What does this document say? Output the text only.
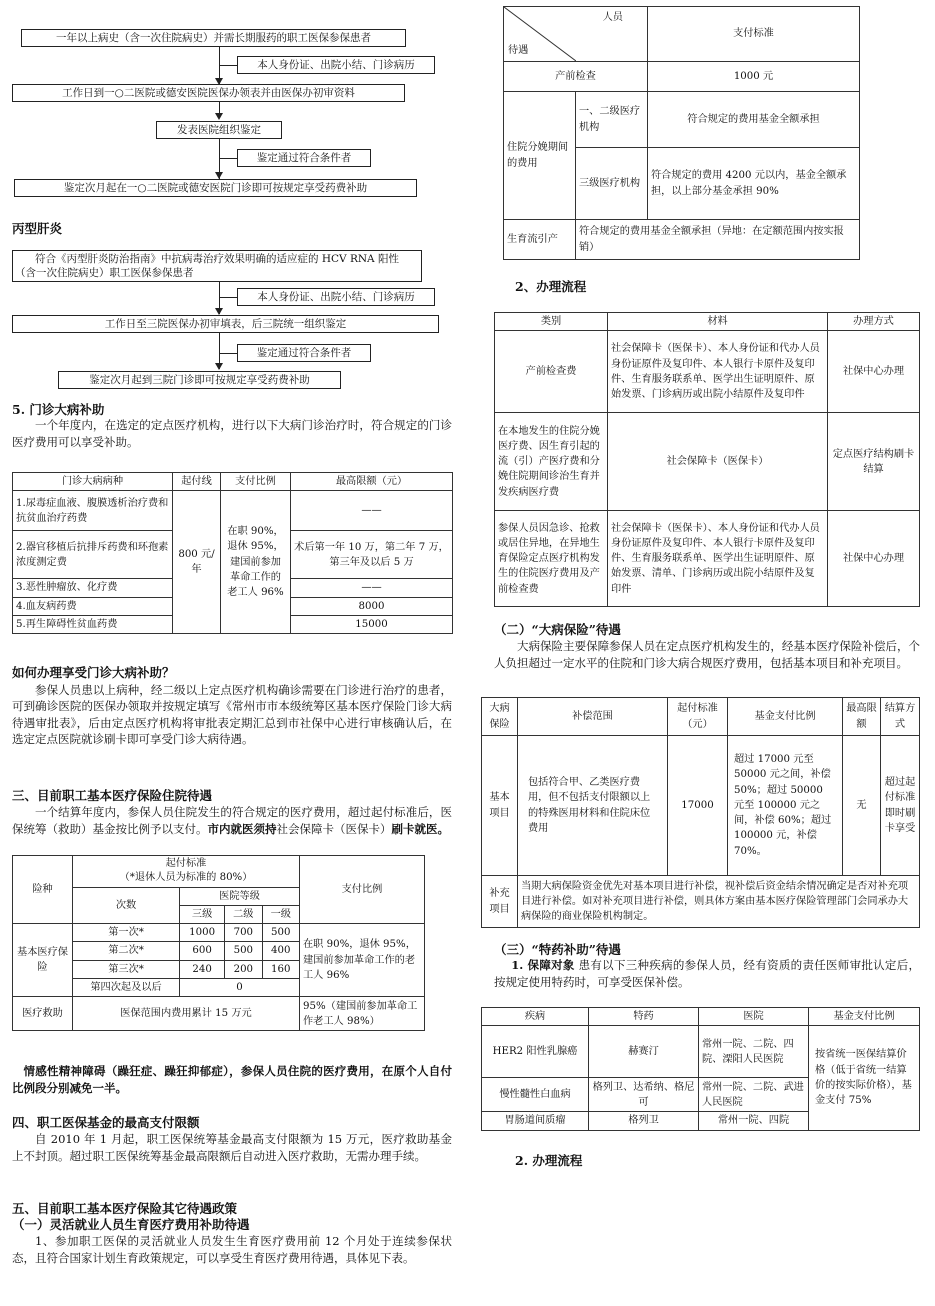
一年以上病史（含一次住院病史）并需长期服药的职工医保参保患者
本人身份证、出院小结、门诊病历
工作日到一○二医院或德安医院医保办领表并由医保办初审资料
发表医院组织鉴定
鉴定通过符合条件者
鉴定次月起在一○二医院或德安医院门诊即可按规定享受药费补助
丙型肝炎
符合《丙型肝炎防治指南》中抗病毒治疗效果明确的适应症的 HCV RNA 阳性
（含一次住院病史）职工医保参保患者
本人身份证、出院小结、门诊病历
工作日至三院医保办初审填表，后三院统一组织鉴定
鉴定通过符合条件者
鉴定次月起到三院门诊即可按规定享受药费补助
5. 门诊大病补助

一个年度内，在选定的定点医疗机构，进行以下大病门诊治疗时，符合规定的门诊医疗费用可以享受补助。

门诊大病病种	起付线	支付比例	最高限额（元）
1.尿毒症血液、腹膜透析治疗费和抗贫血治疗药费	800 元/年	在职 90%，退休 95%，建国前参加革命工作的老工人 96%	——
2.器官移植后抗排斥药费和环孢素浓度测定费			术后第一年 10 万，第二年 7 万，第三年及以后 5 万
3.恶性肿瘤放、化疗费			——
4.血友病药费			8000
5.再生障碍性贫血药费			15000
如何办理享受门诊大病补助？

参保人员患以上病种，经二级以上定点医疗机构确诊需要在门诊进行治疗的患者，可到确诊医院的医保办领取并按规定填写《常州市市本级统筹区基本医疗保险门诊大病待遇审批表》，后由定点医疗机构将审批表定期汇总到市社保中心进行审核确认后，在选定定点医院就诊刷卡即可享受门诊大病待遇。

三、目前职工基本医疗保险住院待遇

一个结算年度内，参保人员住院发生的符合规定的医疗费用，超过起付标准后，医保统筹（救助）基金按比例予以支付。市内就医须持社会保障卡（医保卡）刷卡就医。

险种	起付标准
（*退休人员为标准的 80%）				支付比例
	次数	医院等级			
		三级	二级	一级	
基本医疗保险	第一次*	1000	700	500	在职 90%，退休 95%，建国前参加革命工作的老工人 96%
	第二次*	600	500	400	
	第三次*	240	200	160	
	第四次起及以后	0			
医疗救助	医保范围内费用累计 15 万元				95%（建国前参加革命工作老工人 98%）

情感性精神障碍（躁狂症、躁狂抑郁症），参保人员住院的医疗费用，在原个人自付比例段分别减免一半。

四、职工医保基金的最高支付限额

自 2010 年 1 月起，职工医保统筹基金最高支付限额为 15 万元，医疗救助基金上不封顶。超过职工医保统筹基金最高限额后自动进入医疗救助，无需办理手续。

五、目前职工基本医疗保险其它待遇政策
（一）灵活就业人员生育医疗费用补助待遇

1、参加职工医保的灵活就业人员发生生育医疗费用前 12 个月处于连续参保状态，且符合国家计划生育政策规定，可以享受生育医疗费用待遇，具体见下表。

人员
待遇		支付标准
产前检查		1000 元
住院分娩期间的费用	一、二级医疗机构	符合规定的费用基金全额承担
	三级医疗机构	符合规定的费用 4200 元以内，基金全额承担，以上部分基金承担 90%
生育流引产	符合规定的费用基金全额承担（异地：在定额范围内按实报销）	
2、办理流程
类别	材料	办理方式
产前检查费	社会保障卡（医保卡）、本人身份证和代办人员身份证原件及复印件、本人银行卡原件及复印件、生育服务联系单、医学出生证明原件、原始发票、门诊病历或出院小结原件及复印件	社保中心办理
在本地发生的住院分娩医疗费、因生育引起的流（引）产医疗费和分娩住院期间诊治生育并发疾病医疗费	社会保障卡（医保卡）	定点医疗结构刷卡结算
参保人员因急诊、抢救或居住异地，在异地生育保险定点医疗机构发生的住院医疗费用及产前检查费	社会保障卡（医保卡）、本人身份证和代办人员身份证原件及复印件、本人银行卡原件及复印件、生育服务联系单、医学出生证明原件、原始发票、清单、门诊病历或出院小结原件及复印件	社保中心办理
（二）“大病保险”待遇

大病保险主要保障参保人员在定点医疗机构发生的，经基本医疗保险补偿后，个人负担超过一定水平的住院和门诊大病合规医疗费用，包括基本项目和补充项目。

大病保险	补偿范围	起付标准（元）	基金支付比例	最高限额	结算方式
基本项目	包括符合甲、乙类医疗费用，但不包括支付限额以上的特殊医用材料和住院床位费用	17000	超过 17000 元至 50000 元之间，补偿 50%；超过 50000 元至 100000 元之间，补偿 60%；超过 100000 元，补偿 70%。	无	超过起付标准即时刷卡享受
补充项目	当期大病保险资金优先对基本项目进行补偿，视补偿后资金结余情况确定是否对补充项目进行补偿。如对补充项目进行补偿，则具体方案由基本医疗保险管理部门会同承办大病保险的商业保险机构制定。				
（三）“特药补助”待遇

1. 保障对象 患有以下三种疾病的参保人员，经有资质的责任医师审批认定后，按规定使用特药时，可享受医保补偿。

疾病	特药	医院	基金支付比例
HER2 阳性乳腺癌	赫赛汀	常州一院、二院、四院、溧阳人民医院	按省统一医保结算价格（低于省统一结算价的按实际价格），基金支付 75%
慢性髓性白血病	格列卫、达希纳、格尼可	常州一院、二院、武进人民医院	
胃肠道间质瘤	格列卫	常州一院、四院	
2. 办理流程
